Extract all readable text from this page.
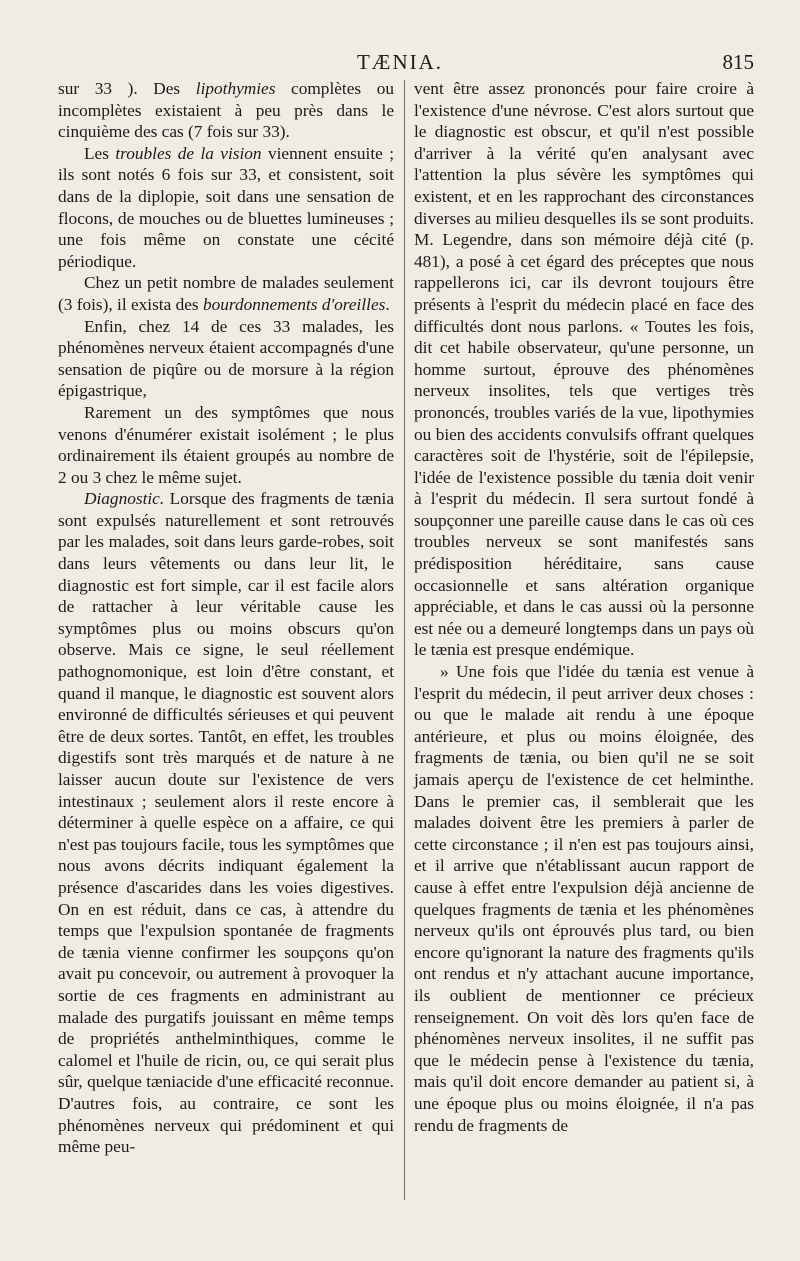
TÆNIA.	815

sur 33 ). Des lipothymies complètes ou incomplètes existaient à peu près dans le cinquième des cas (7 fois sur 33).

Les troubles de la vision viennent ensuite ; ils sont notés 6 fois sur 33, et consistent, soit dans de la diplopie, soit dans une sensation de flocons, de mouches ou de bluettes lumineuses ; une fois même on constate une cécité périodique.

Chez un petit nombre de malades seulement (3 fois), il exista des bourdonnements d'oreilles.

Enfin, chez 14 de ces 33 malades, les phénomènes nerveux étaient accompagnés d'une sensation de piqûre ou de morsure à la région épigastrique,

Rarement un des symptômes que nous venons d'énumérer existait isolément ; le plus ordinairement ils étaient groupés au nombre de 2 ou 3 chez le même sujet.

Diagnostic. Lorsque des fragments de tænia sont expulsés naturellement et sont retrouvés par les malades, soit dans leurs garde-robes, soit dans leurs vêtements ou dans leur lit, le diagnostic est fort simple, car il est facile alors de rattacher à leur véritable cause les symptômes plus ou moins obscurs qu'on observe. Mais ce signe, le seul réellement pathognomonique, est loin d'être constant, et quand il manque, le diagnostic est souvent alors environné de difficultés sérieuses et qui peuvent être de deux sortes. Tantôt, en effet, les troubles digestifs sont très marqués et de nature à ne laisser aucun doute sur l'existence de vers intestinaux ; seulement alors il reste encore à déterminer à quelle espèce on a affaire, ce qui n'est pas toujours facile, tous les symptômes que nous avons décrits indiquant également la présence d'ascarides dans les voies digestives. On en est réduit, dans ce cas, à attendre du temps que l'expulsion spontanée de fragments de tænia vienne confirmer les soupçons qu'on avait pu concevoir, ou autrement à provoquer la sortie de ces fragments en administrant au malade des purgatifs jouissant en même temps de propriétés anthelminthiques, comme le calomel et l'huile de ricin, ou, ce qui serait plus sûr, quelque tæniacide d'une efficacité reconnue. D'autres fois, au contraire, ce sont les phénomènes nerveux qui prédominent et qui même peu-

vent être assez prononcés pour faire croire à l'existence d'une névrose. C'est alors surtout que le diagnostic est obscur, et qu'il n'est possible d'arriver à la vérité qu'en analysant avec l'attention la plus sévère les symptômes qui existent, et en les rapprochant des circonstances diverses au milieu desquelles ils se sont produits. M. Legendre, dans son mémoire déjà cité (p. 481), a posé à cet égard des préceptes que nous rappellerons ici, car ils devront toujours être présents à l'esprit du médecin placé en face des difficultés dont nous parlons. « Toutes les fois, dit cet habile observateur, qu'une personne, un homme surtout, éprouve des phénomènes nerveux insolites, tels que vertiges très prononcés, troubles variés de la vue, lipothymies ou bien des accidents convulsifs offrant quelques caractères soit de l'hystérie, soit de l'épilepsie, l'idée de l'existence possible du tænia doit venir à l'esprit du médecin. Il sera surtout fondé à soupçonner une pareille cause dans le cas où ces troubles nerveux se sont manifestés sans prédisposition héréditaire, sans cause occasionnelle et sans altération organique appréciable, et dans le cas aussi où la personne est née ou a demeuré longtemps dans un pays où le tænia est presque endémique.

» Une fois que l'idée du tænia est venue à l'esprit du médecin, il peut arriver deux choses : ou que le malade ait rendu à une époque antérieure, et plus ou moins éloignée, des fragments de tænia, ou bien qu'il ne se soit jamais aperçu de l'existence de cet helminthe. Dans le premier cas, il semblerait que les malades doivent être les premiers à parler de cette circonstance ; il n'en est pas toujours ainsi, et il arrive que n'établissant aucun rapport de cause à effet entre l'expulsion déjà ancienne de quelques fragments de tænia et les phénomènes nerveux qu'ils ont éprouvés plus tard, ou bien encore qu'ignorant la nature des fragments qu'ils ont rendus et n'y attachant aucune importance, ils oublient de mentionner ce précieux renseignement. On voit dès lors qu'en face de phénomènes nerveux insolites, il ne suffit pas que le médecin pense à l'existence du tænia, mais qu'il doit encore demander au patient si, à une époque plus ou moins éloignée, il n'a pas rendu de fragments de
